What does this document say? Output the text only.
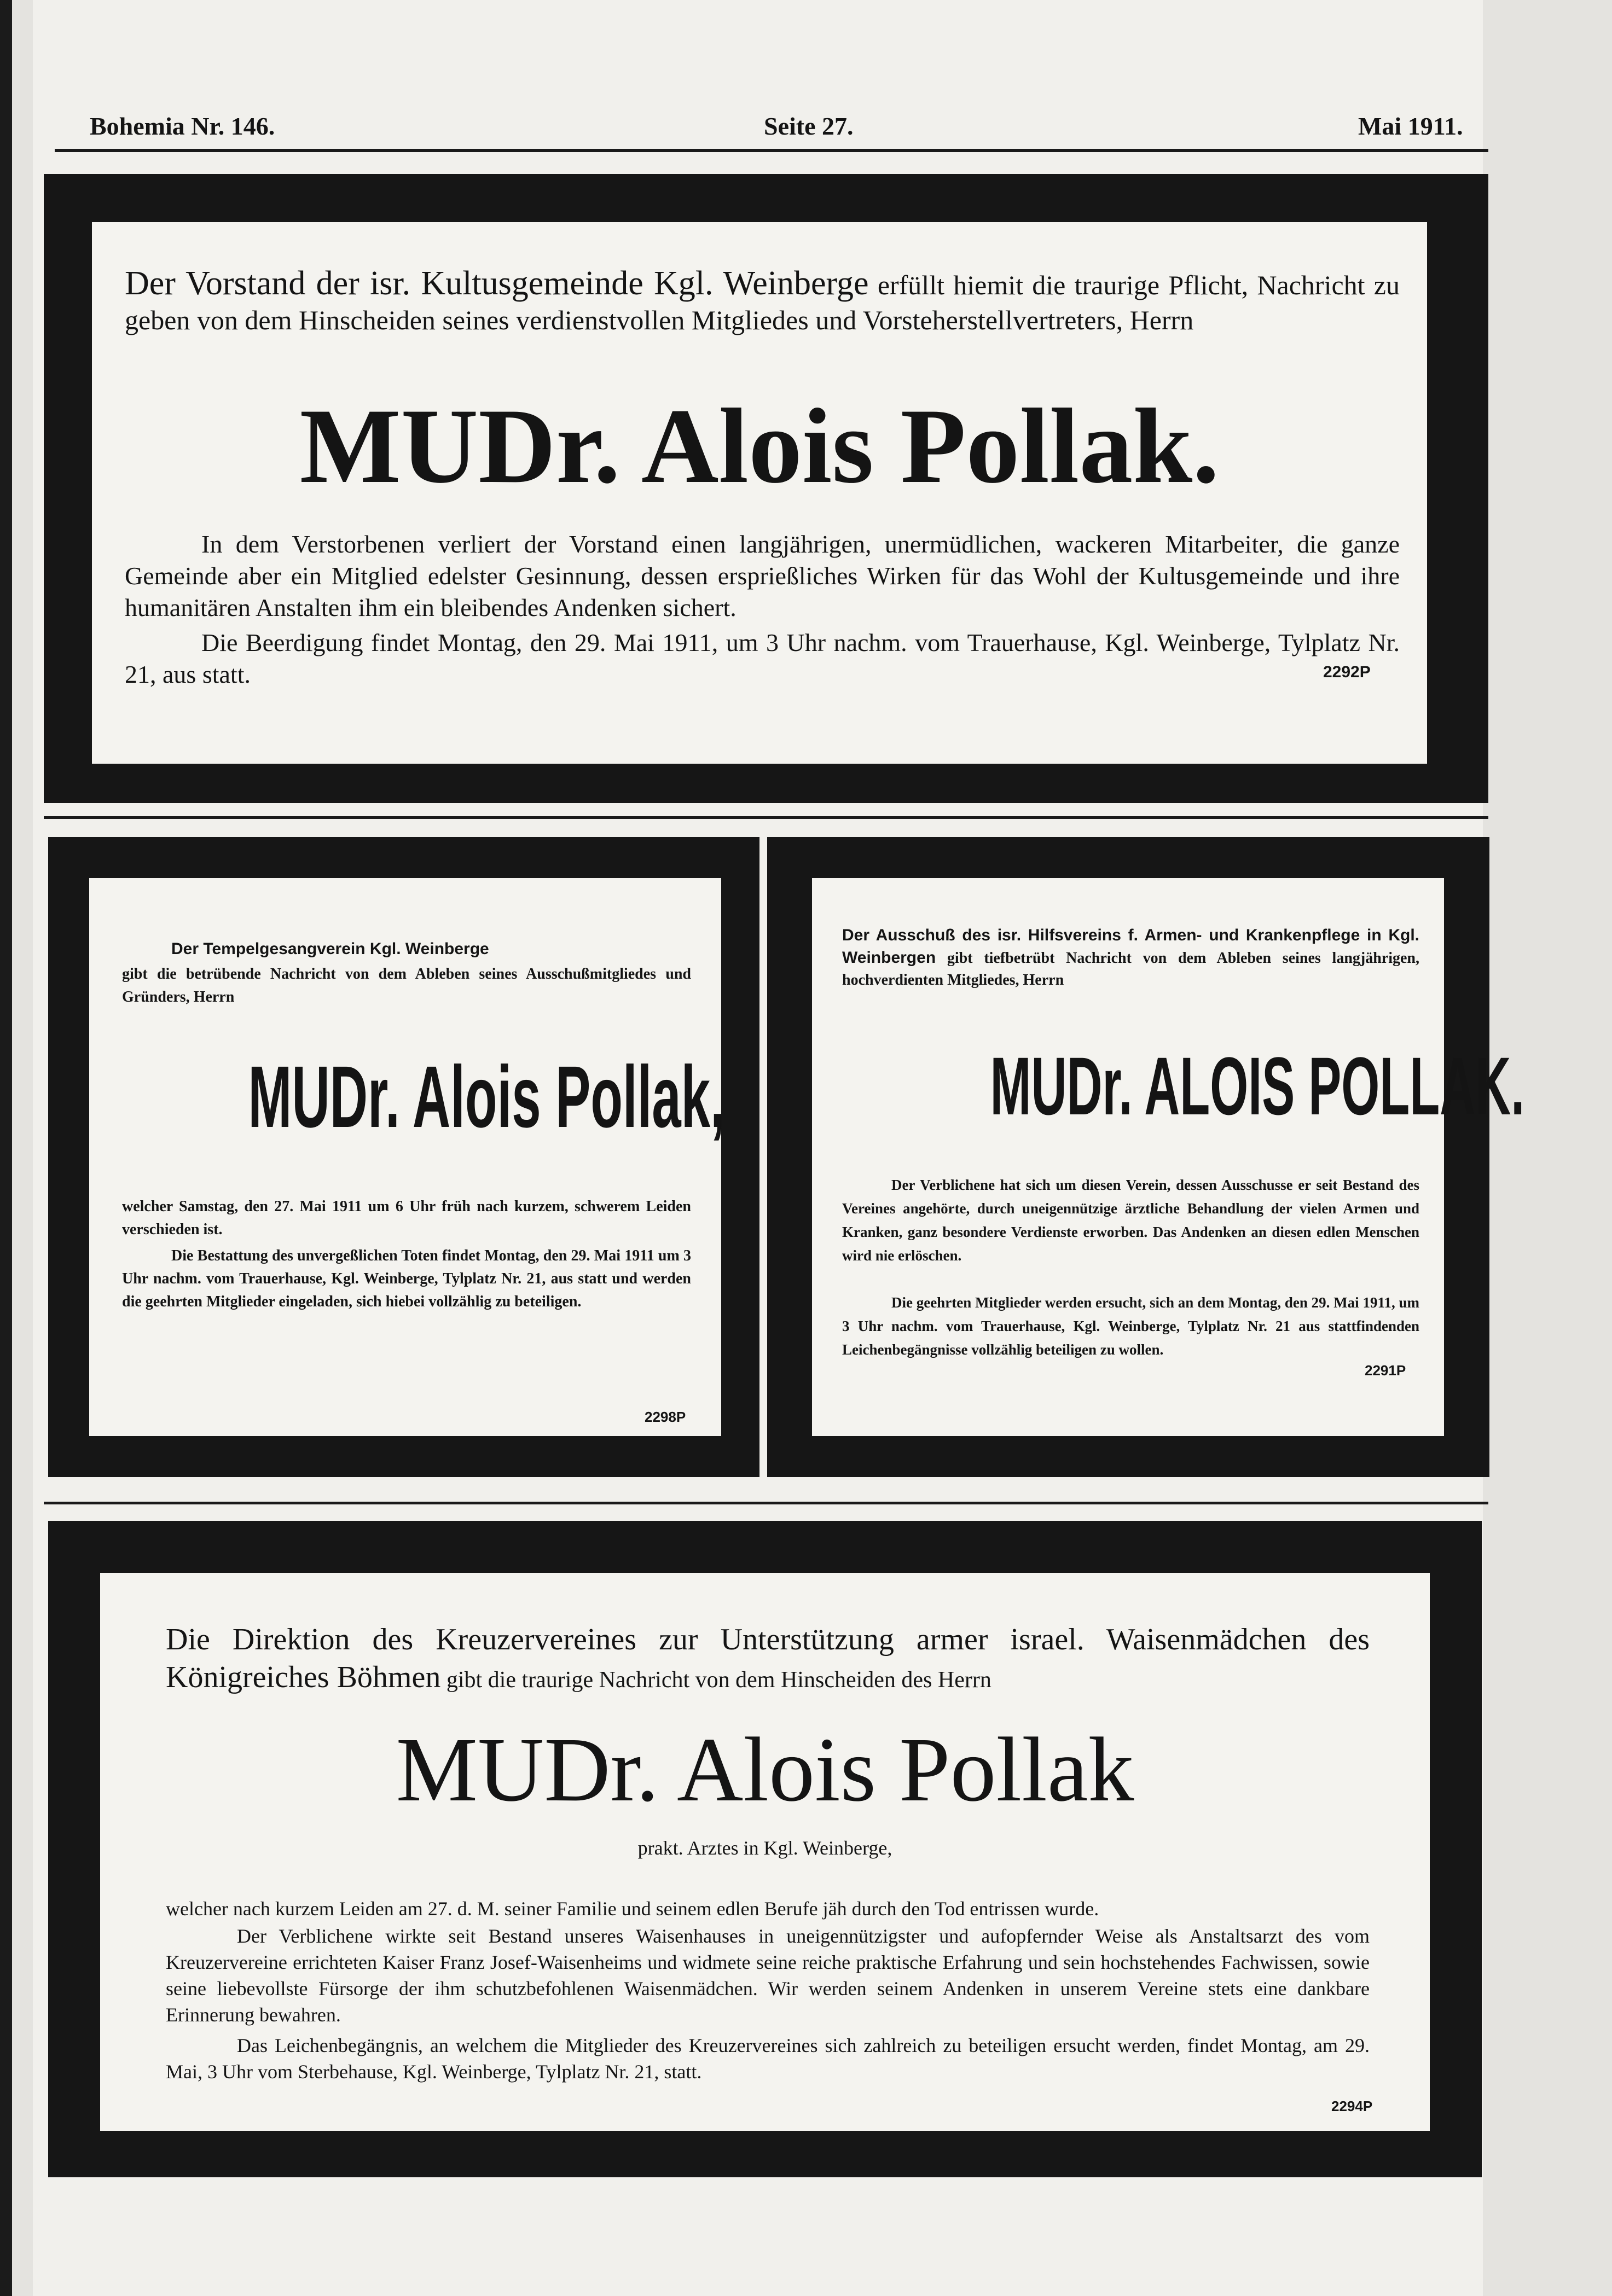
Bohemia Nr. 146.	Seite 27.	Mai 1911.
Der Vorstand der isr. Kultusgemeinde Kgl. Weinberge erfüllt hiemit die traurige Pflicht, Nachricht zu geben von dem Hinscheiden seines verdienstvollen Mitgliedes und Vorsteherstellvertreters, Herrn
MUDr. Alois Pollak.
In dem Verstorbenen verliert der Vorstand einen langjährigen, unermüdlichen, wackeren Mitarbeiter, die ganze Gemeinde aber ein Mitglied edelster Gesinnung, dessen ersprießliches Wirken für das Wohl der Kultusgemeinde und ihre humanitären Anstalten ihm ein bleibendes Andenken sichert.
Die Beerdigung findet Montag, den 29. Mai 1911, um 3 Uhr nachm. vom Trauerhause, Kgl. Weinberge, Tylplatz Nr. 21, aus statt.	2292P
Der Tempelgesangverein Kgl. Weinberge
gibt die betrübende Nachricht von dem Ableben seines Ausschußmitgliedes und Gründers, Herrn
MUDr. Alois Pollak,
welcher Samstag, den 27. Mai 1911 um 6 Uhr früh nach kurzem, schwerem Leiden verschieden ist.
Die Bestattung des unvergeßlichen Toten findet Montag, den 29. Mai 1911 um 3 Uhr nachm. vom Trauerhause, Kgl. Weinberge, Tylplatz Nr. 21, aus statt und werden die geehrten Mitglieder eingeladen, sich hiebei vollzählig zu beteiligen.
2298P
Der Ausschuß des isr. Hilfsvereins f. Armen- und Krankenpflege in Kgl. Weinbergen gibt tiefbetrübt Nachricht von dem Ableben seines langjährigen, hochverdienten Mitgliedes, Herrn
MUDr. ALOIS POLLAK.
Der Verblichene hat sich um diesen Verein, dessen Ausschusse er seit Bestand des Vereines angehörte, durch uneigennützige ärztliche Behandlung der vielen Armen und Kranken, ganz besondere Verdienste erworben. Das Andenken an diesen edlen Menschen wird nie erlöschen.
Die geehrten Mitglieder werden ersucht, sich an dem Montag, den 29. Mai 1911, um 3 Uhr nachm. vom Trauerhause, Kgl. Weinberge, Tylplatz Nr. 21 aus stattfindenden Leichenbegängnisse vollzählig beteiligen zu wollen.
2291P
Die Direktion des Kreuzervereines zur Unterstützung armer israel. Waisenmädchen des Königreiches Böhmen gibt die traurige Nachricht von dem Hinscheiden des Herrn
MUDr. Alois Pollak
prakt. Arztes in Kgl. Weinberge,
welcher nach kurzem Leiden am 27. d. M. seiner Familie und seinem edlen Berufe jäh durch den Tod entrissen wurde.
Der Verblichene wirkte seit Bestand unseres Waisenhauses in uneigennützigster und aufopfernder Weise als Anstaltsarzt des vom Kreuzervereine errichteten Kaiser Franz Josef-Waisenheims und widmete seine reiche praktische Erfahrung und sein hochstehendes Fachwissen, sowie seine liebevollste Fürsorge der ihm schutzbefohlenen Waisenmädchen. Wir werden seinem Andenken in unserem Vereine stets eine dankbare Erinnerung bewahren.
Das Leichenbegängnis, an welchem die Mitglieder des Kreuzervereines sich zahlreich zu beteiligen ersucht werden, findet Montag, am 29. Mai, 3 Uhr vom Sterbehause, Kgl. Weinberge, Tylplatz Nr. 21, statt.
2294P
